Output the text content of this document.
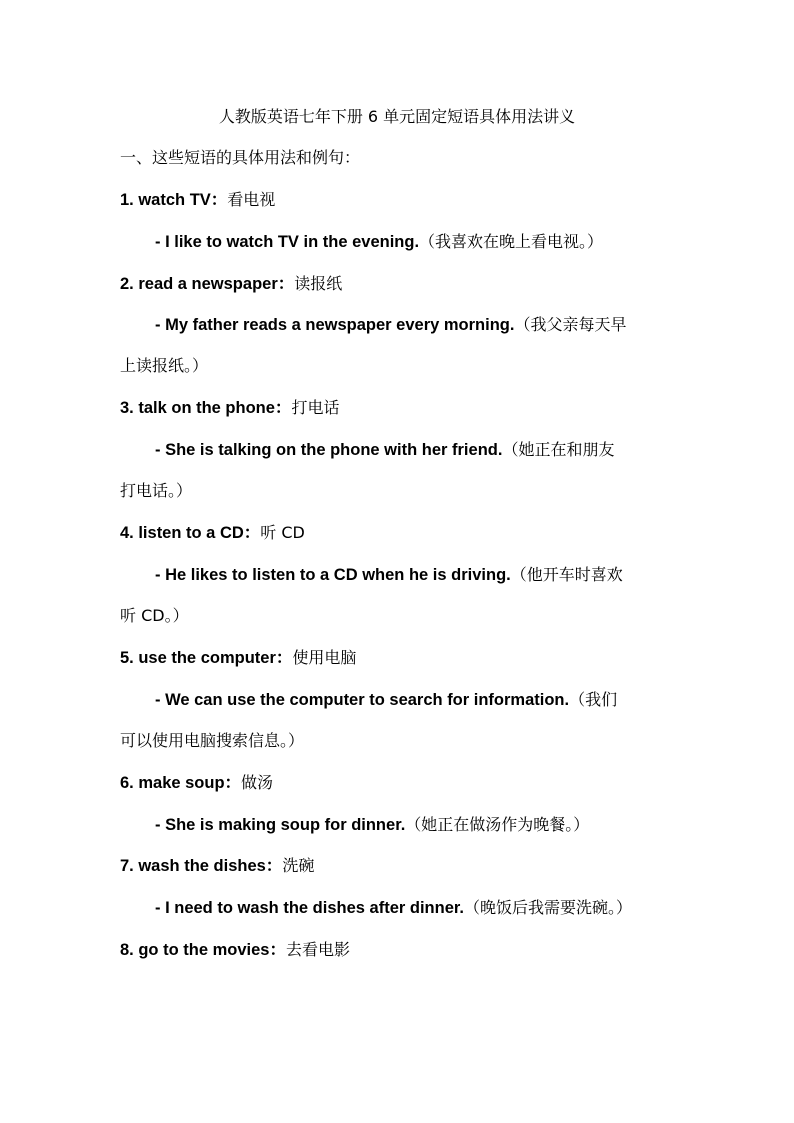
人教版英语七年下册 6 单元固定短语具体用法讲义
一、这些短语的具体用法和例句：
1. watch TV：看电视
- I like to watch TV in the evening.（我喜欢在晚上看电视。）
2. read a newspaper：读报纸
- My father reads a newspaper every morning.（我父亲每天早
上读报纸。）
3. talk on the phone：打电话
- She is talking on the phone with her friend.（她正在和朋友
打电话。）
4. listen to a CD：听 CD
- He likes to listen to a CD when he is driving.（他开车时喜欢
听 CD。）
5. use the computer：使用电脑
- We can use the computer to search for information.（我们
可以使用电脑搜索信息。）
6. make soup：做汤
- She is making soup for dinner.（她正在做汤作为晚餐。）
7. wash the dishes：洗碗
- I need to wash the dishes after dinner.（晚饭后我需要洗碗。）
8. go to the movies：去看电影
